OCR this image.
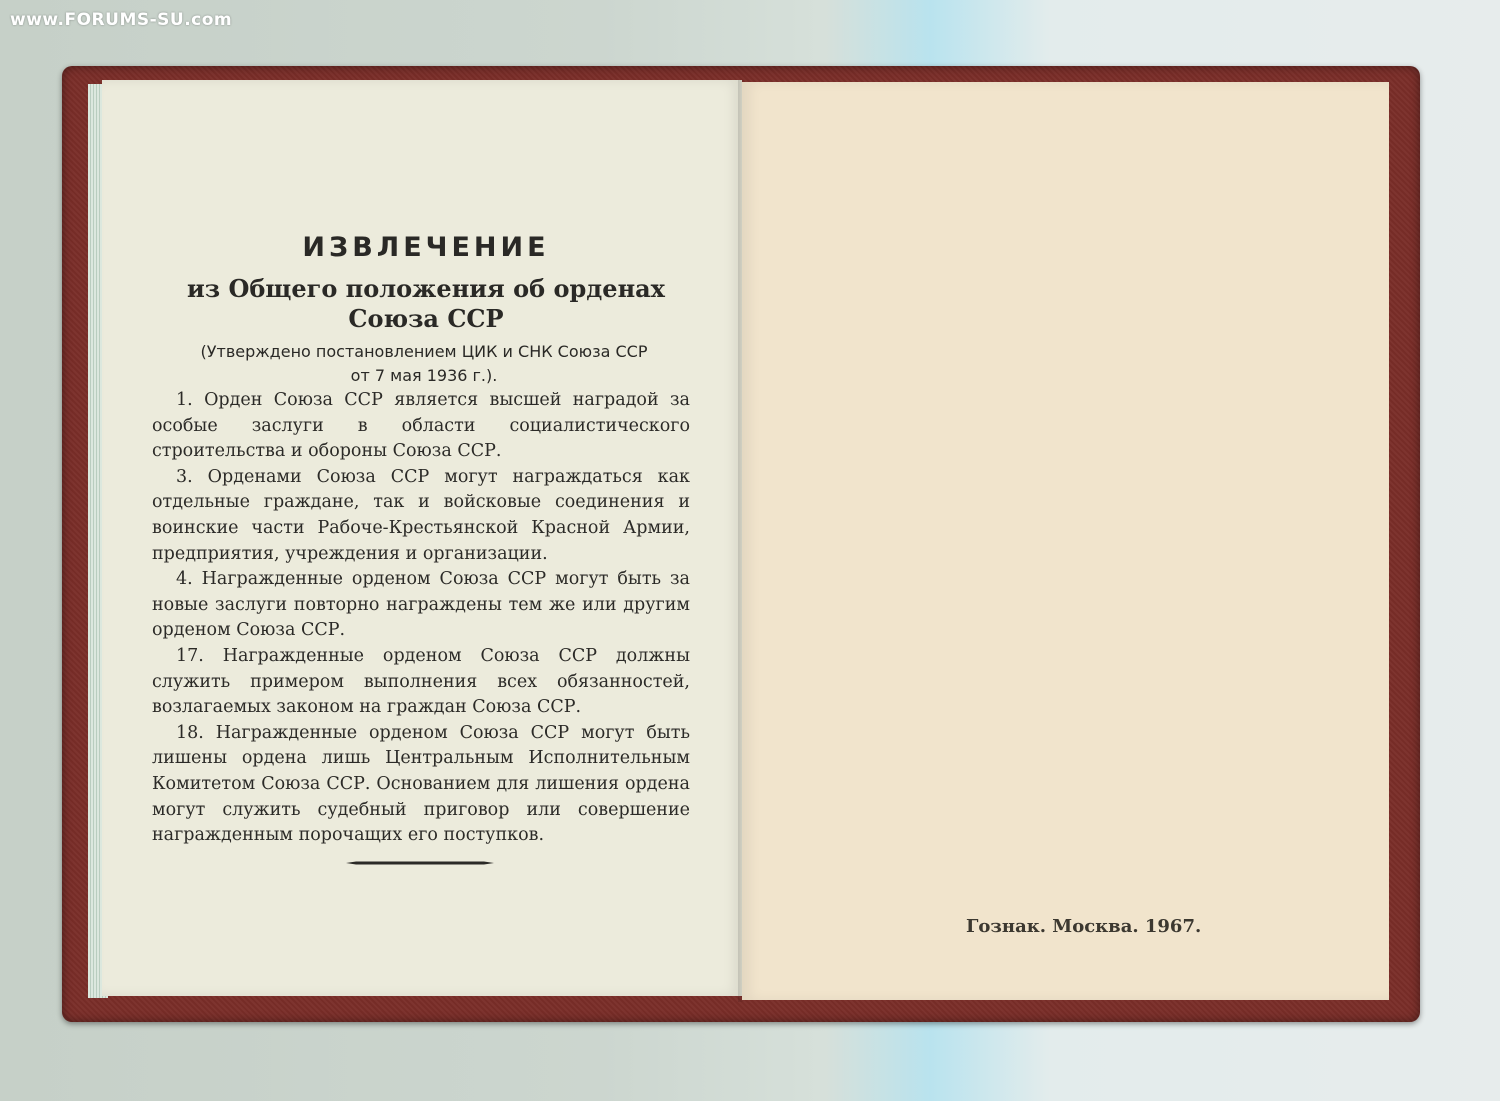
www.FORUMS-SU.com
ИЗВЛЕЧЕНИЕ
из Общего положения об орденах
Союза ССР
(Утверждено постановлением ЦИК и СНК Союза ССР
от 7 мая 1936 г.).

1. Орден Союза ССР является высшей наградой за особые заслуги в области социалистического строительства и обороны Союза ССР.

3. Орденами Союза ССР могут награждаться как отдельные граждане, так и войсковые соединения и воинские части Рабоче-Крестьянской Красной Армии, предприятия, учреждения и организации.

4. Награжденные орденом Союза ССР могут быть за новые заслуги повторно награждены тем же или другим орденом Союза ССР.

17. Награжденные орденом Союза ССР должны служить примером выполнения всех обязанностей, возлагаемых законом на граждан Союза ССР.

18. Награжденные орденом Союза ССР могут быть лишены ордена лишь Центральным Исполнительным Комитетом Союза ССР. Основанием для лишения ордена могут служить судебный приговор или совершение награжденным порочащих его поступков.

Гознак. Москва. 1967.
